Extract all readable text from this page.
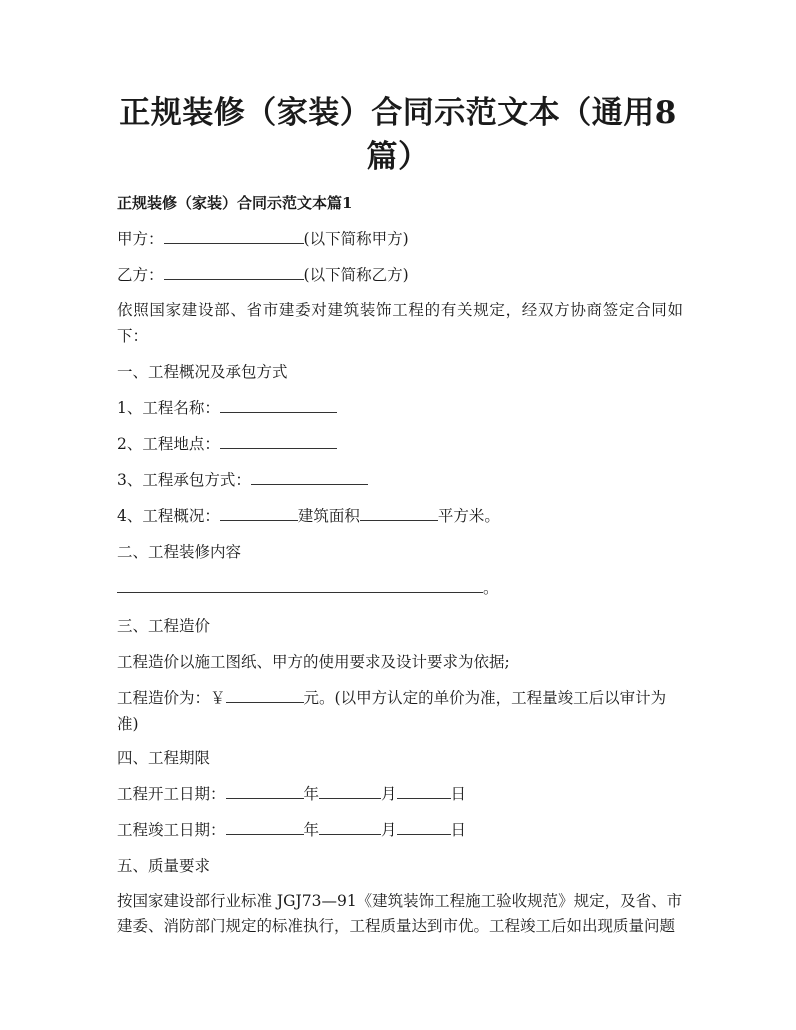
正规装修（家装）合同示范文本（通用8
篇）
正规装修（家装）合同示范文本篇1
甲方：	(以下简称甲方)
乙方：	(以下简称乙方)
依照国家建设部、省市建委对建筑装饰工程的有关规定，经双方协商签定合同如下：
一、工程概况及承包方式
1、工程名称：
2、工程地点：
3、工程承包方式：
4、工程概况：	建筑面积	平方米。
二、工程装修内容
。
三、工程造价
工程造价以施工图纸、甲方的使用要求及设计要求为依据;
工程造价为：￥	元。(以甲方认定的单价为准，工程量竣工后以审计为
准)
四、工程期限
工程开工日期：	年	月	日
工程竣工日期：	年	月	日
五、质量要求
按国家建设部行业标准 JGJ73—91《建筑装饰工程施工验收规范》规定，及省、市
建委、消防部门规定的标准执行，工程质量达到市优。工程竣工后如出现质量问题
